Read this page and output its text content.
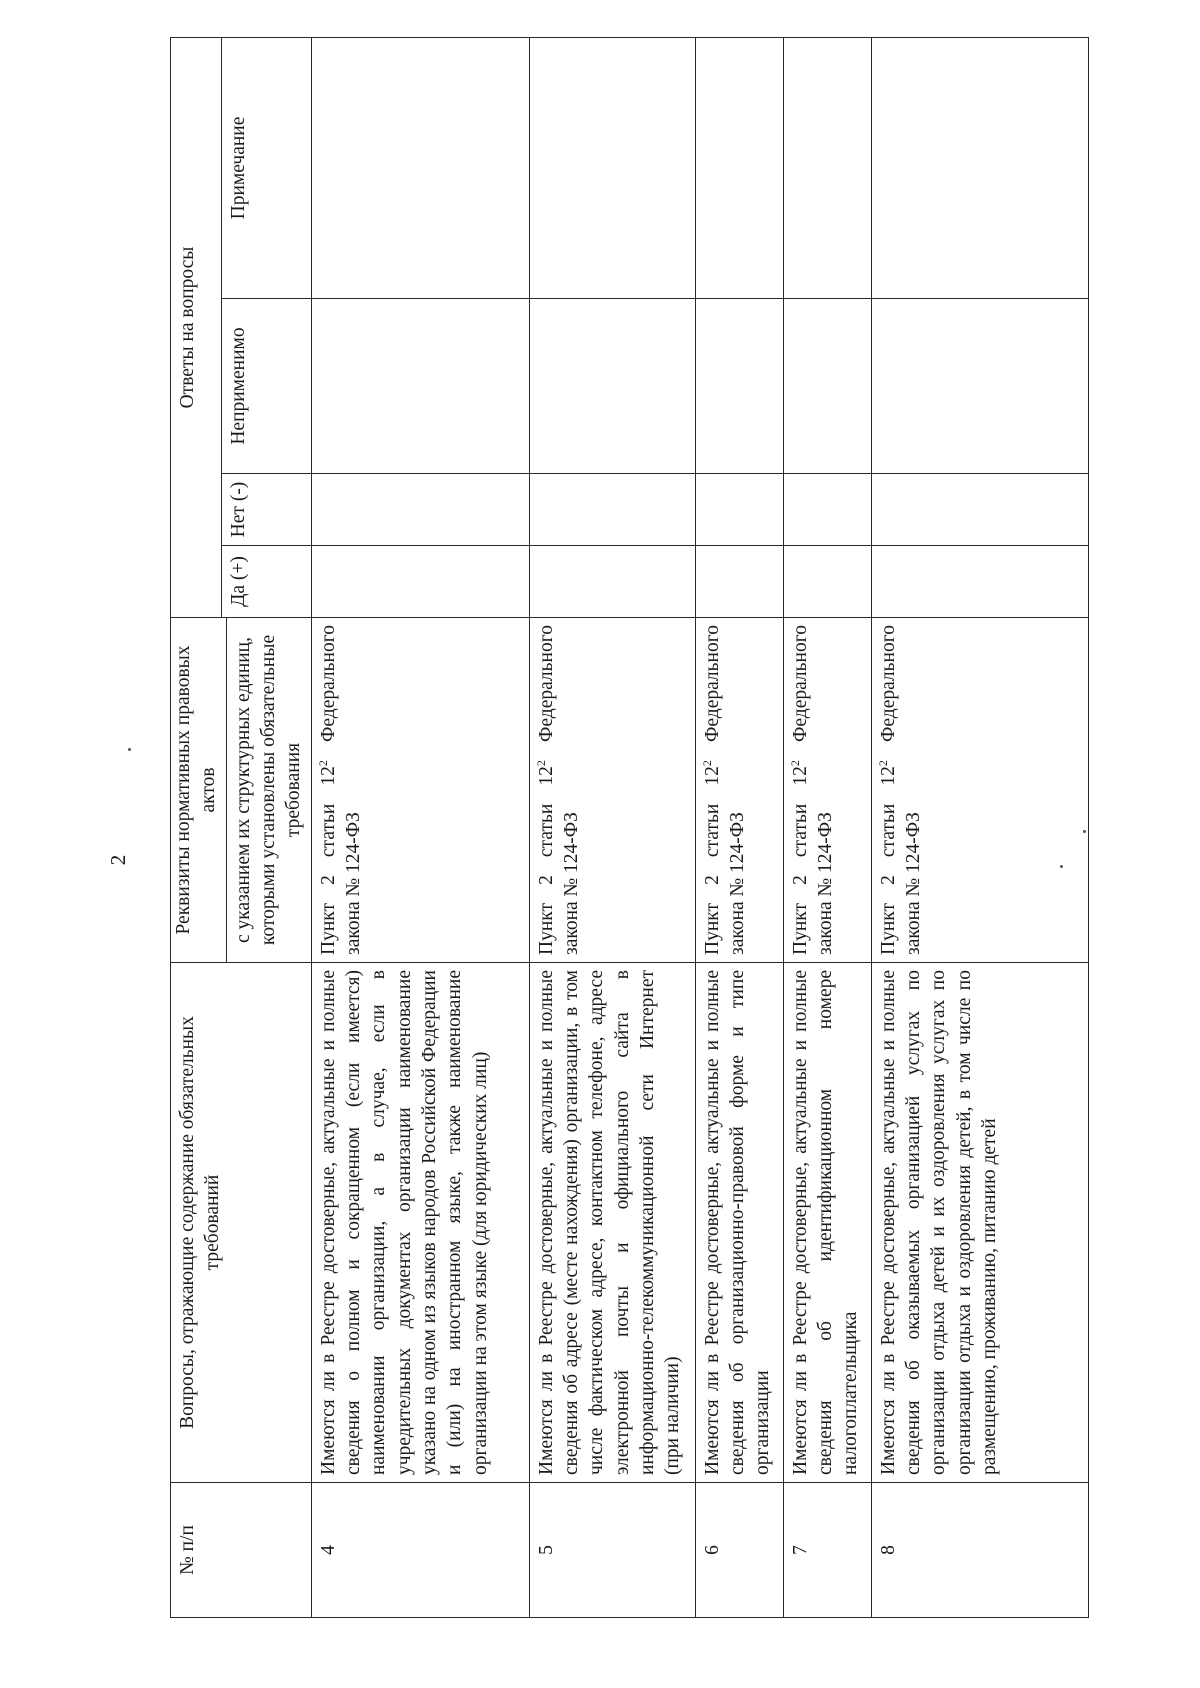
2
№ п/п	Вопросы, отражающие содержание обязательных требований	Реквизиты нормативных правовых актов с указанием их структурных единиц, которыми установлены обязательные требования	Ответы на вопросы			
			Да (+)	Нет (-)	Неприменимо	Примечание
4	Имеются ли в Реестре достоверные, актуальные и полные сведения о полном и сокращенном (если имеется) наименовании организации, а в случае, если в учредительных документах организации наименование указано на одном из языков народов Российской Федерации и (или) на иностранном языке, также наименование организации на этом языке (для юридических лиц)	Пункт 2 статьи $12^2$ Федерального закона № 124-ФЗ				
5	Имеются ли в Реестре достоверные, актуальные и полные сведения об адресе (месте нахождения) организации, в том числе фактическом адресе, контактном телефоне, адресе электронной почты и официального сайта в информационно-телекоммуникационной сети Интернет (при наличии)	Пункт 2 статьи $12^2$ Федерального закона № 124-ФЗ				
6	Имеются ли в Реестре достоверные, актуальные и полные сведения об организационно-правовой форме и типе организации	Пункт 2 статьи $12^2$ Федерального закона № 124-ФЗ				
7	Имеются ли в Реестре достоверные, актуальные и полные сведения об идентификационном номере налогоплательщика	Пункт 2 статьи $12^2$ Федерального закона № 124-ФЗ				
8	Имеются ли в Реестре достоверные, актуальные и полные сведения об оказываемых организацией услугах по организации отдыха детей и их оздоровления услугах по организации отдыха и оздоровления детей, в том числе по размещению, проживанию, питанию детей	Пункт 2 статьи $12^2$ Федерального закона № 124-ФЗ				
